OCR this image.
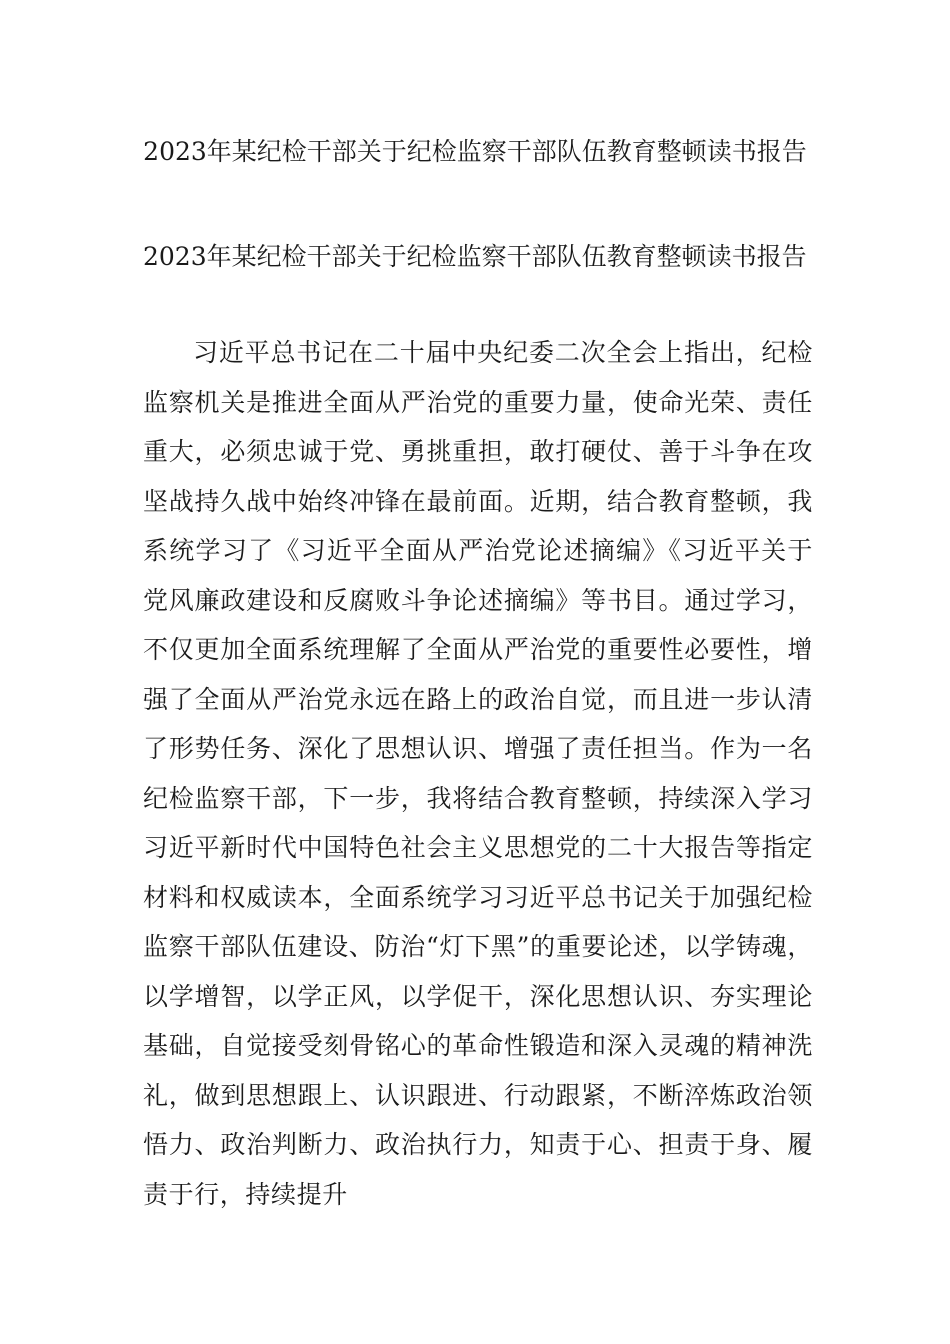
2023年某纪检干部关于纪检监察干部队伍教育整顿读书报告
2023年某纪检干部关于纪检监察干部队伍教育整顿读书报告

习近平总书记在二十届中央纪委二次全会上指出，纪检监察机关是推进全面从严治党的重要力量，使命光荣、责任重大，必须忠诚于党、勇挑重担，敢打硬仗、善于斗争在攻坚战持久战中始终冲锋在最前面。近期，结合教育整顿，我系统学习了《习近平全面从严治党论述摘编》《习近平关于党风廉政建设和反腐败斗争论述摘编》等书目。通过学习，不仅更加全面系统理解了全面从严治党的重要性必要性，增强了全面从严治党永远在路上的政治自觉，而且进一步认清了形势任务、深化了思想认识、增强了责任担当。作为一名纪检监察干部，下一步，我将结合教育整顿，持续深入学习习近平新时代中国特色社会主义思想党的二十大报告等指定材料和权威读本，全面系统学习习近平总书记关于加强纪检监察干部队伍建设、防治“灯下黑”的重要论述，以学铸魂，以学增智，以学正风，以学促干，深化思想认识、夯实理论基础，自觉接受刻骨铭心的革命性锻造和深入灵魂的精神洗礼，做到思想跟上、认识跟进、行动跟紧，不断淬炼政治领悟力、政治判断力、政治执行力，知责于心、担责于身、履责于行，持续提升
